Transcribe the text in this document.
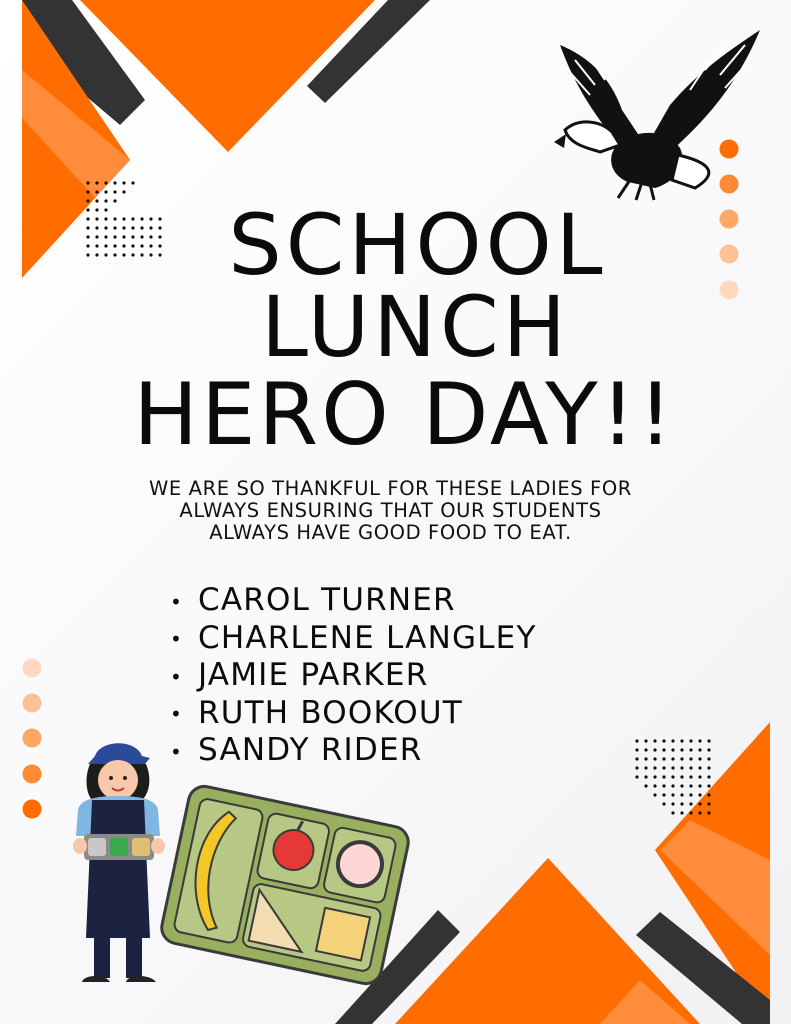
SCHOOL
LUNCH
HERO DAY!!

WE ARE SO THANKFUL FOR THESE LADIES FOR
ALWAYS ENSURING THAT OUR STUDENTS
ALWAYS HAVE GOOD FOOD TO EAT.

• CAROL TURNER
• CHARLENE LANGLEY
• JAMIE PARKER
• RUTH BOOKOUT
• SANDY RIDER
